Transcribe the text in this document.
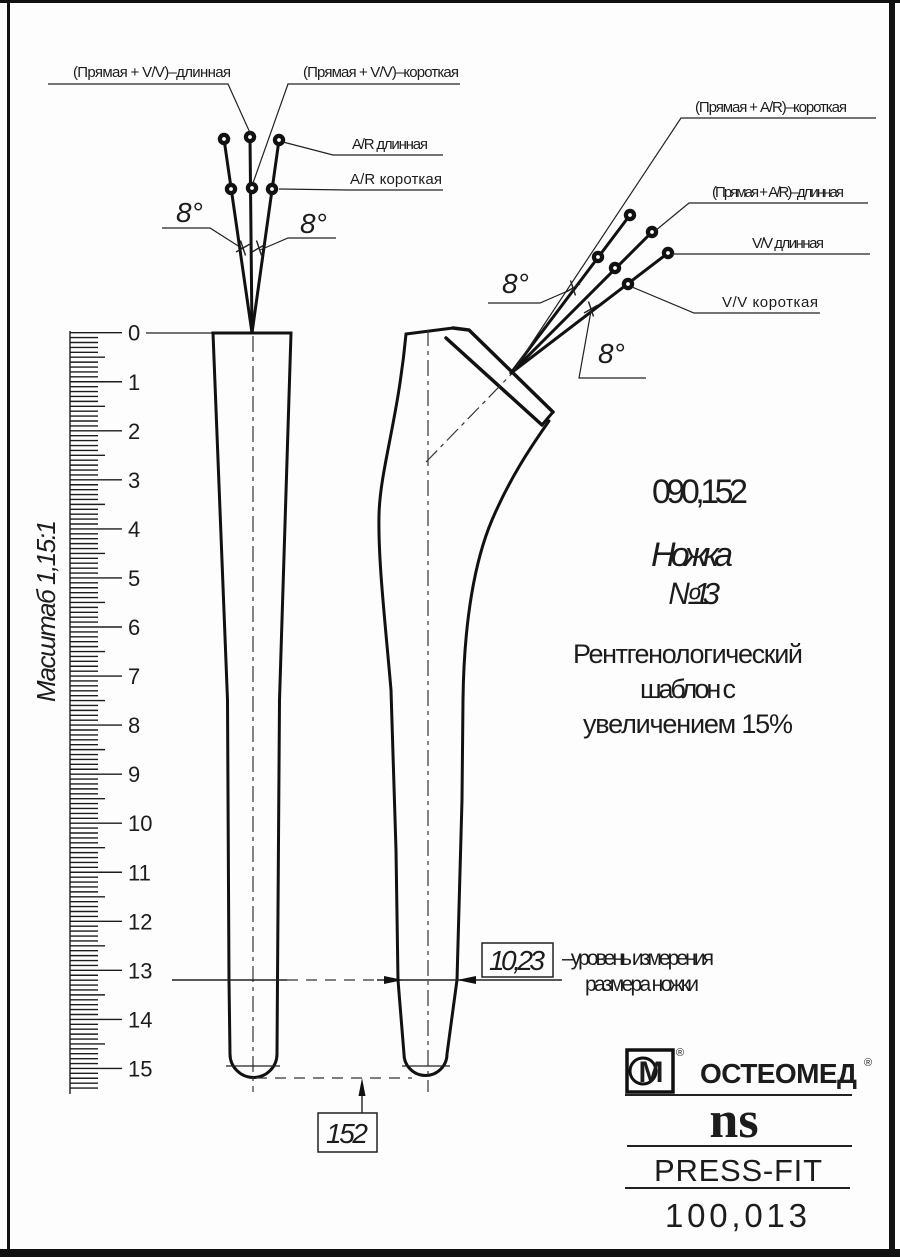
0
1
2
3
4
5
6
7
8
9
10
11
12
13
14
15
Масштаб 1,15:1
(Прямая + V/V)–длинная	(Прямая + V/V)–короткая
A/R длинная
A/R короткая
8°	8°
(Прямая + A/R)–короткая
(Прямая + A/R)–длинная
V/V длинная
V/V короткая
8°
8°
10,23 –уровень измерения
размера ножки
152
090,152
Ножка
№13
Рентгенологический
шаблон с
увеличением 15%
М
®
ОСТЕОМЕД ®
ns
PRESS-FIT
100,013
